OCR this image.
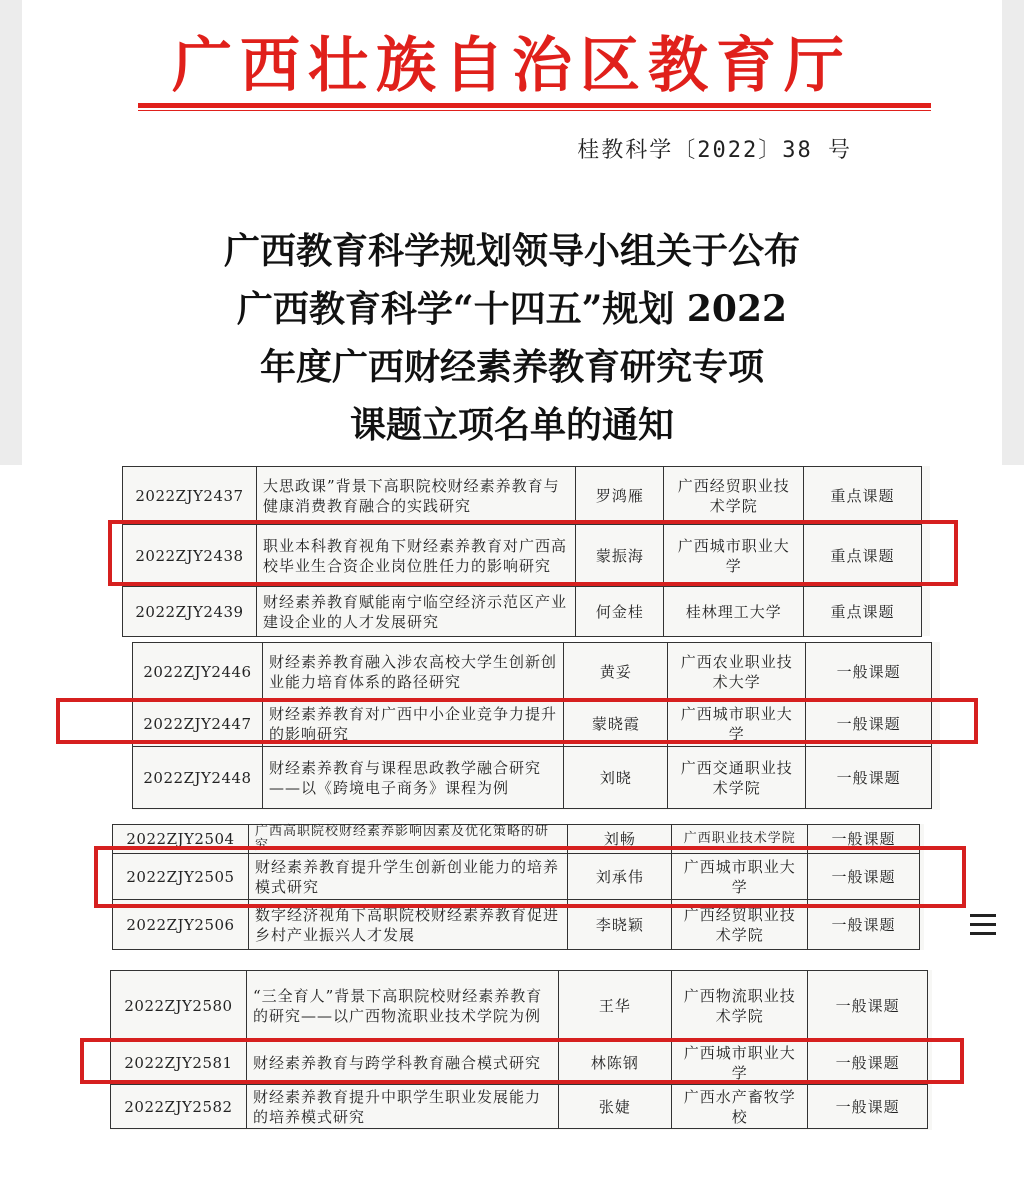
广西壮族自治区教育厅
桂教科学〔2022〕38 号
广西教育科学规划领导小组关于公布
广西教育科学“十四五”规划 2022
年度广西财经素养教育研究专项
课题立项名单的通知
2022ZJY2437	大思政课”背景下高职院校财经素养教育与健康消费教育融合的实践研究	罗鸿雁	广西经贸职业技术学院	重点课题
2022ZJY2438	职业本科教育视角下财经素养教育对广西高校毕业生合资企业岗位胜任力的影响研究	蒙振海	广西城市职业大学	重点课题
2022ZJY2439	财经素养教育赋能南宁临空经济示范区产业建设企业的人才发展研究	何金桂	桂林理工大学	重点课题
2022ZJY2446	财经素养教育融入涉农高校大学生创新创业能力培育体系的路径研究	黄妥	广西农业职业技术大学	一般课题
2022ZJY2447	财经素养教育对广西中小企业竞争力提升的影响研究	蒙晓霞	广西城市职业大学	一般课题
2022ZJY2448	财经素养教育与课程思政教学融合研究——以《跨境电子商务》课程为例	刘晓	广西交通职业技术学院	一般课题
2022ZJY2504	广西高职院校财经素养影响因素及优化策略的研究	刘畅	广西职业技术学院	一般课题
2022ZJY2505	财经素养教育提升学生创新创业能力的培养模式研究	刘承伟	广西城市职业大学	一般课题
2022ZJY2506	数字经济视角下高职院校财经素养教育促进乡村产业振兴人才发展	李晓颖	广西经贸职业技术学院	一般课题
2022ZJY2580	“三全育人”背景下高职院校财经素养教育的研究——以广西物流职业技术学院为例	王华	广西物流职业技术学院	一般课题
2022ZJY2581	财经素养教育与跨学科教育融合模式研究	林陈钢	广西城市职业大学	一般课题
2022ZJY2582	财经素养教育提升中职学生职业发展能力的培养模式研究	张婕	广西水产畜牧学校	一般课题
